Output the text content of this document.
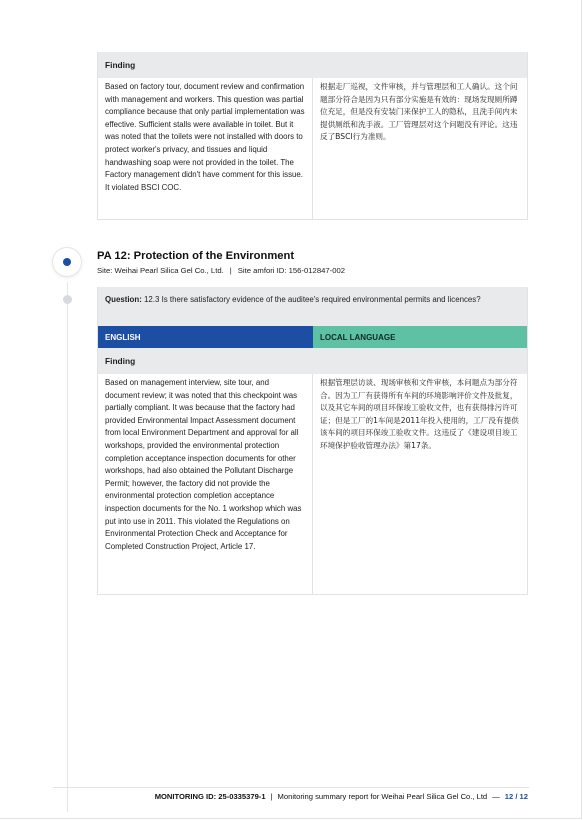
Finding
Based on factory tour, document review and confirmation with management and workers. This question was partial compliance because that only partial implementation was effective. Sufficient stalls were available in toilet. But it was noted that the toilets were not installed with doors to protect worker's privacy, and tissues and liquid handwashing soap were not provided in the toilet. The Factory management didn't have comment for this issue. It violated BSCI COC.
根据走厂巡视，文件审核，并与管理层和工人确认。这个问题部分符合是因为只有部分实施是有效的：现场发现厕所蹲位充足，但是没有安装门来保护工人的隐私，且洗手间内未提供厕纸和洗手液。工厂管理层对这个问题没有评论。这违反了BSCI行为准则。
PA 12: Protection of the Environment
Site: Weihai Pearl Silica Gel Co., Ltd. | Site amfori ID: 156-012847-002
Question: 12.3 Is there satisfactory evidence of the auditee's required environmental permits and licences?
ENGLISH	LOCAL LANGUAGE
Finding
Based on management interview, site tour, and document review; it was noted that this checkpoint was partially compliant. It was because that the factory had provided Environmental Impact Assessment document from local Environment Department and approval for all workshops, provided the environmental protection completion acceptance inspection documents for other workshops, had also obtained the Pollutant Discharge Permit; however, the factory did not provide the environmental protection completion acceptance inspection documents for the No. 1 workshop which was put into use in 2011. This violated the Regulations on Environmental Protection Check and Acceptance for Completed Construction Project, Article 17.
根据管理层访谈、现场审核和文件审核，本问题点为部分符合。因为工厂有获得所有车间的环境影响评价文件及批复，以及其它车间的项目环保竣工验收文件，也有获得排污许可证；但是工厂的1车间是2011年投入使用的，工厂没有提供该车间的项目环保竣工验收文件。这违反了《建设项目竣工环境保护验收管理办法》第17条。
MONITORING ID: 25-0335379-1 | Monitoring summary report for Weihai Pearl Silica Gel Co., Ltd — 12 / 12
